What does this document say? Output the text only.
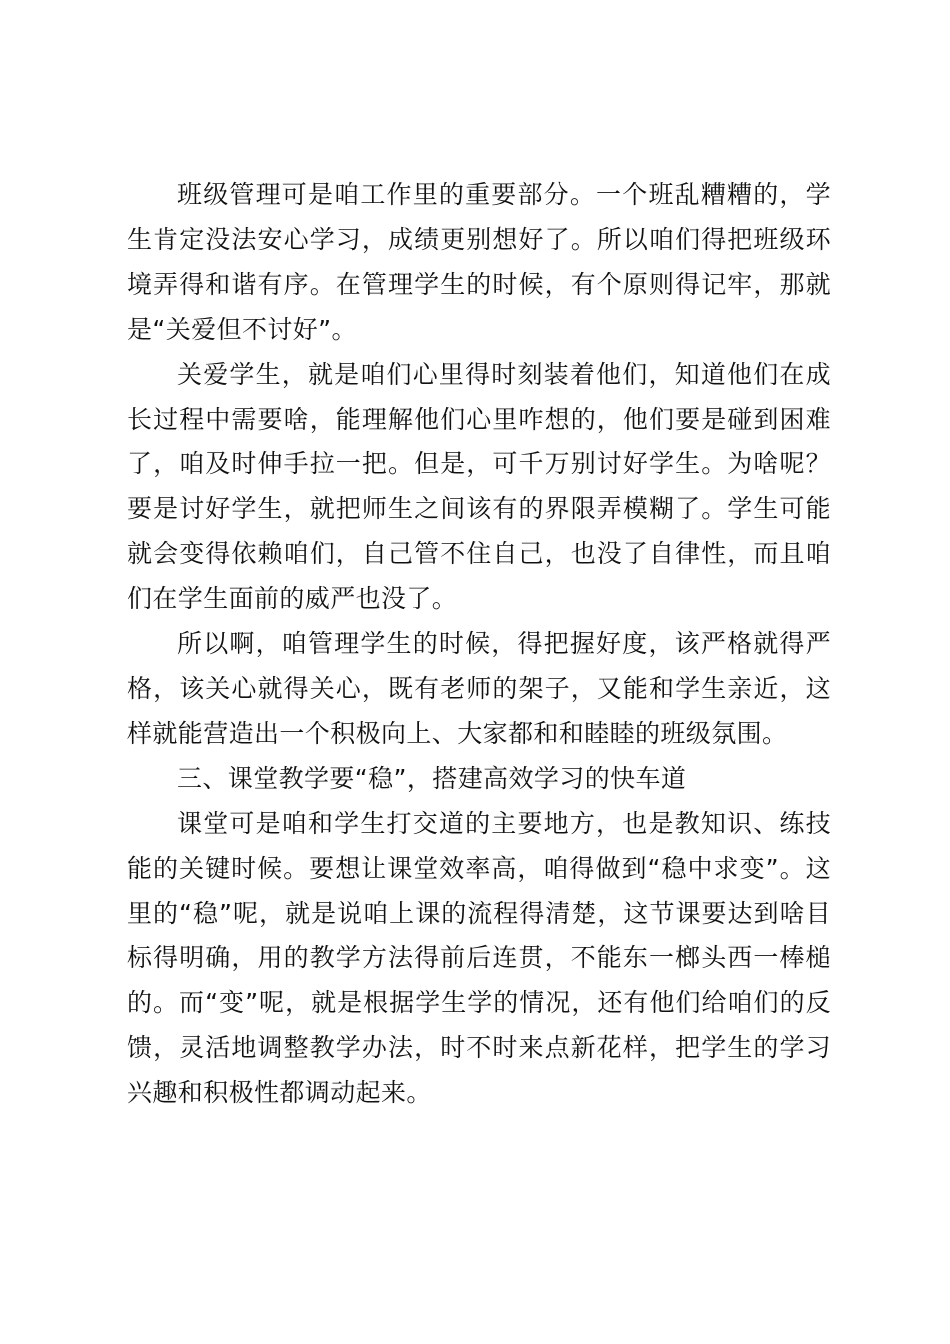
班级管理可是咱工作里的重要部分。一个班乱糟糟的，学生肯定没法安心学习，成绩更别想好了。所以咱们得把班级环境弄得和谐有序。在管理学生的时候，有个原则得记牢，那就是“关爱但不讨好”。

关爱学生，就是咱们心里得时刻装着他们，知道他们在成长过程中需要啥，能理解他们心里咋想的，他们要是碰到困难了，咱及时伸手拉一把。但是，可千万别讨好学生。为啥呢？要是讨好学生，就把师生之间该有的界限弄模糊了。学生可能就会变得依赖咱们，自己管不住自己，也没了自律性，而且咱们在学生面前的威严也没了。

所以啊，咱管理学生的时候，得把握好度，该严格就得严格，该关心就得关心，既有老师的架子，又能和学生亲近，这样就能营造出一个积极向上、大家都和和睦睦的班级氛围。

三、课堂教学要“稳”，搭建高效学习的快车道

课堂可是咱和学生打交道的主要地方，也是教知识、练技能的关键时候。要想让课堂效率高，咱得做到“稳中求变”。这里的“稳”呢，就是说咱上课的流程得清楚，这节课要达到啥目标得明确，用的教学方法得前后连贯，不能东一榔头西一棒槌的。而“变”呢，就是根据学生学的情况，还有他们给咱们的反馈，灵活地调整教学办法，时不时来点新花样，把学生的学习兴趣和积极性都调动起来。
